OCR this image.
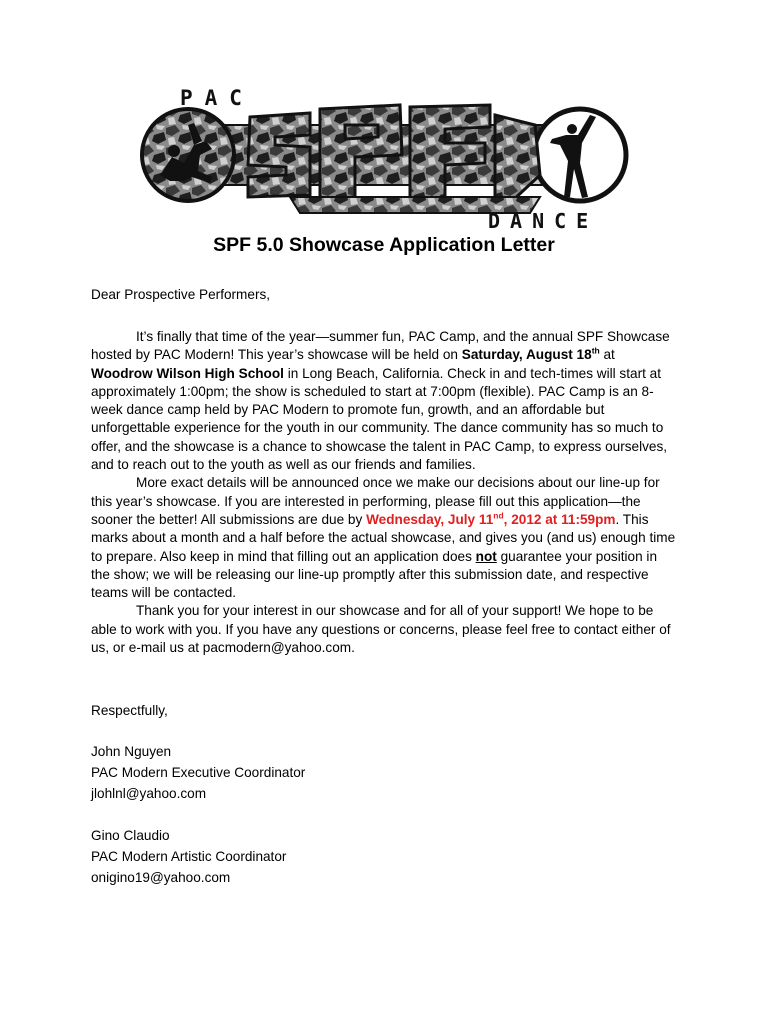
PAC
DANCE
SPF 5.0 Showcase Application Letter
Dear Prospective Performers,

It’s finally that time of the year—summer fun, PAC Camp, and the annual SPF Showcase hosted by PAC Modern! This year’s showcase will be held on Saturday, August 18th at Woodrow Wilson High School in Long Beach, California. Check in and tech-times will start at approximately 1:00pm; the show is scheduled to start at 7:00pm (flexible). PAC Camp is an 8-week dance camp held by PAC Modern to promote fun, growth, and an affordable but unforgettable experience for the youth in our community. The dance community has so much to offer, and the showcase is a chance to showcase the talent in PAC Camp, to express ourselves, and to reach out to the youth as well as our friends and families.

More exact details will be announced once we make our decisions about our line-up for this year’s showcase. If you are interested in performing, please fill out this application—the sooner the better! All submissions are due by Wednesday, July 11nd, 2012 at 11:59pm. This marks about a month and a half before the actual showcase, and gives you (and us) enough time to prepare. Also keep in mind that filling out an application does not guarantee your position in the show; we will be releasing our line-up promptly after this submission date, and respective teams will be contacted.

Thank you for your interest in our showcase and for all of your support! We hope to be able to work with you. If you have any questions or concerns, please feel free to contact either of us, or e-mail us at pacmodern@yahoo.com.

Respectfully,

John Nguyen

PAC Modern Executive Coordinator

jlohlnl@yahoo.com

Gino Claudio

PAC Modern Artistic Coordinator

onigino19@yahoo.com
